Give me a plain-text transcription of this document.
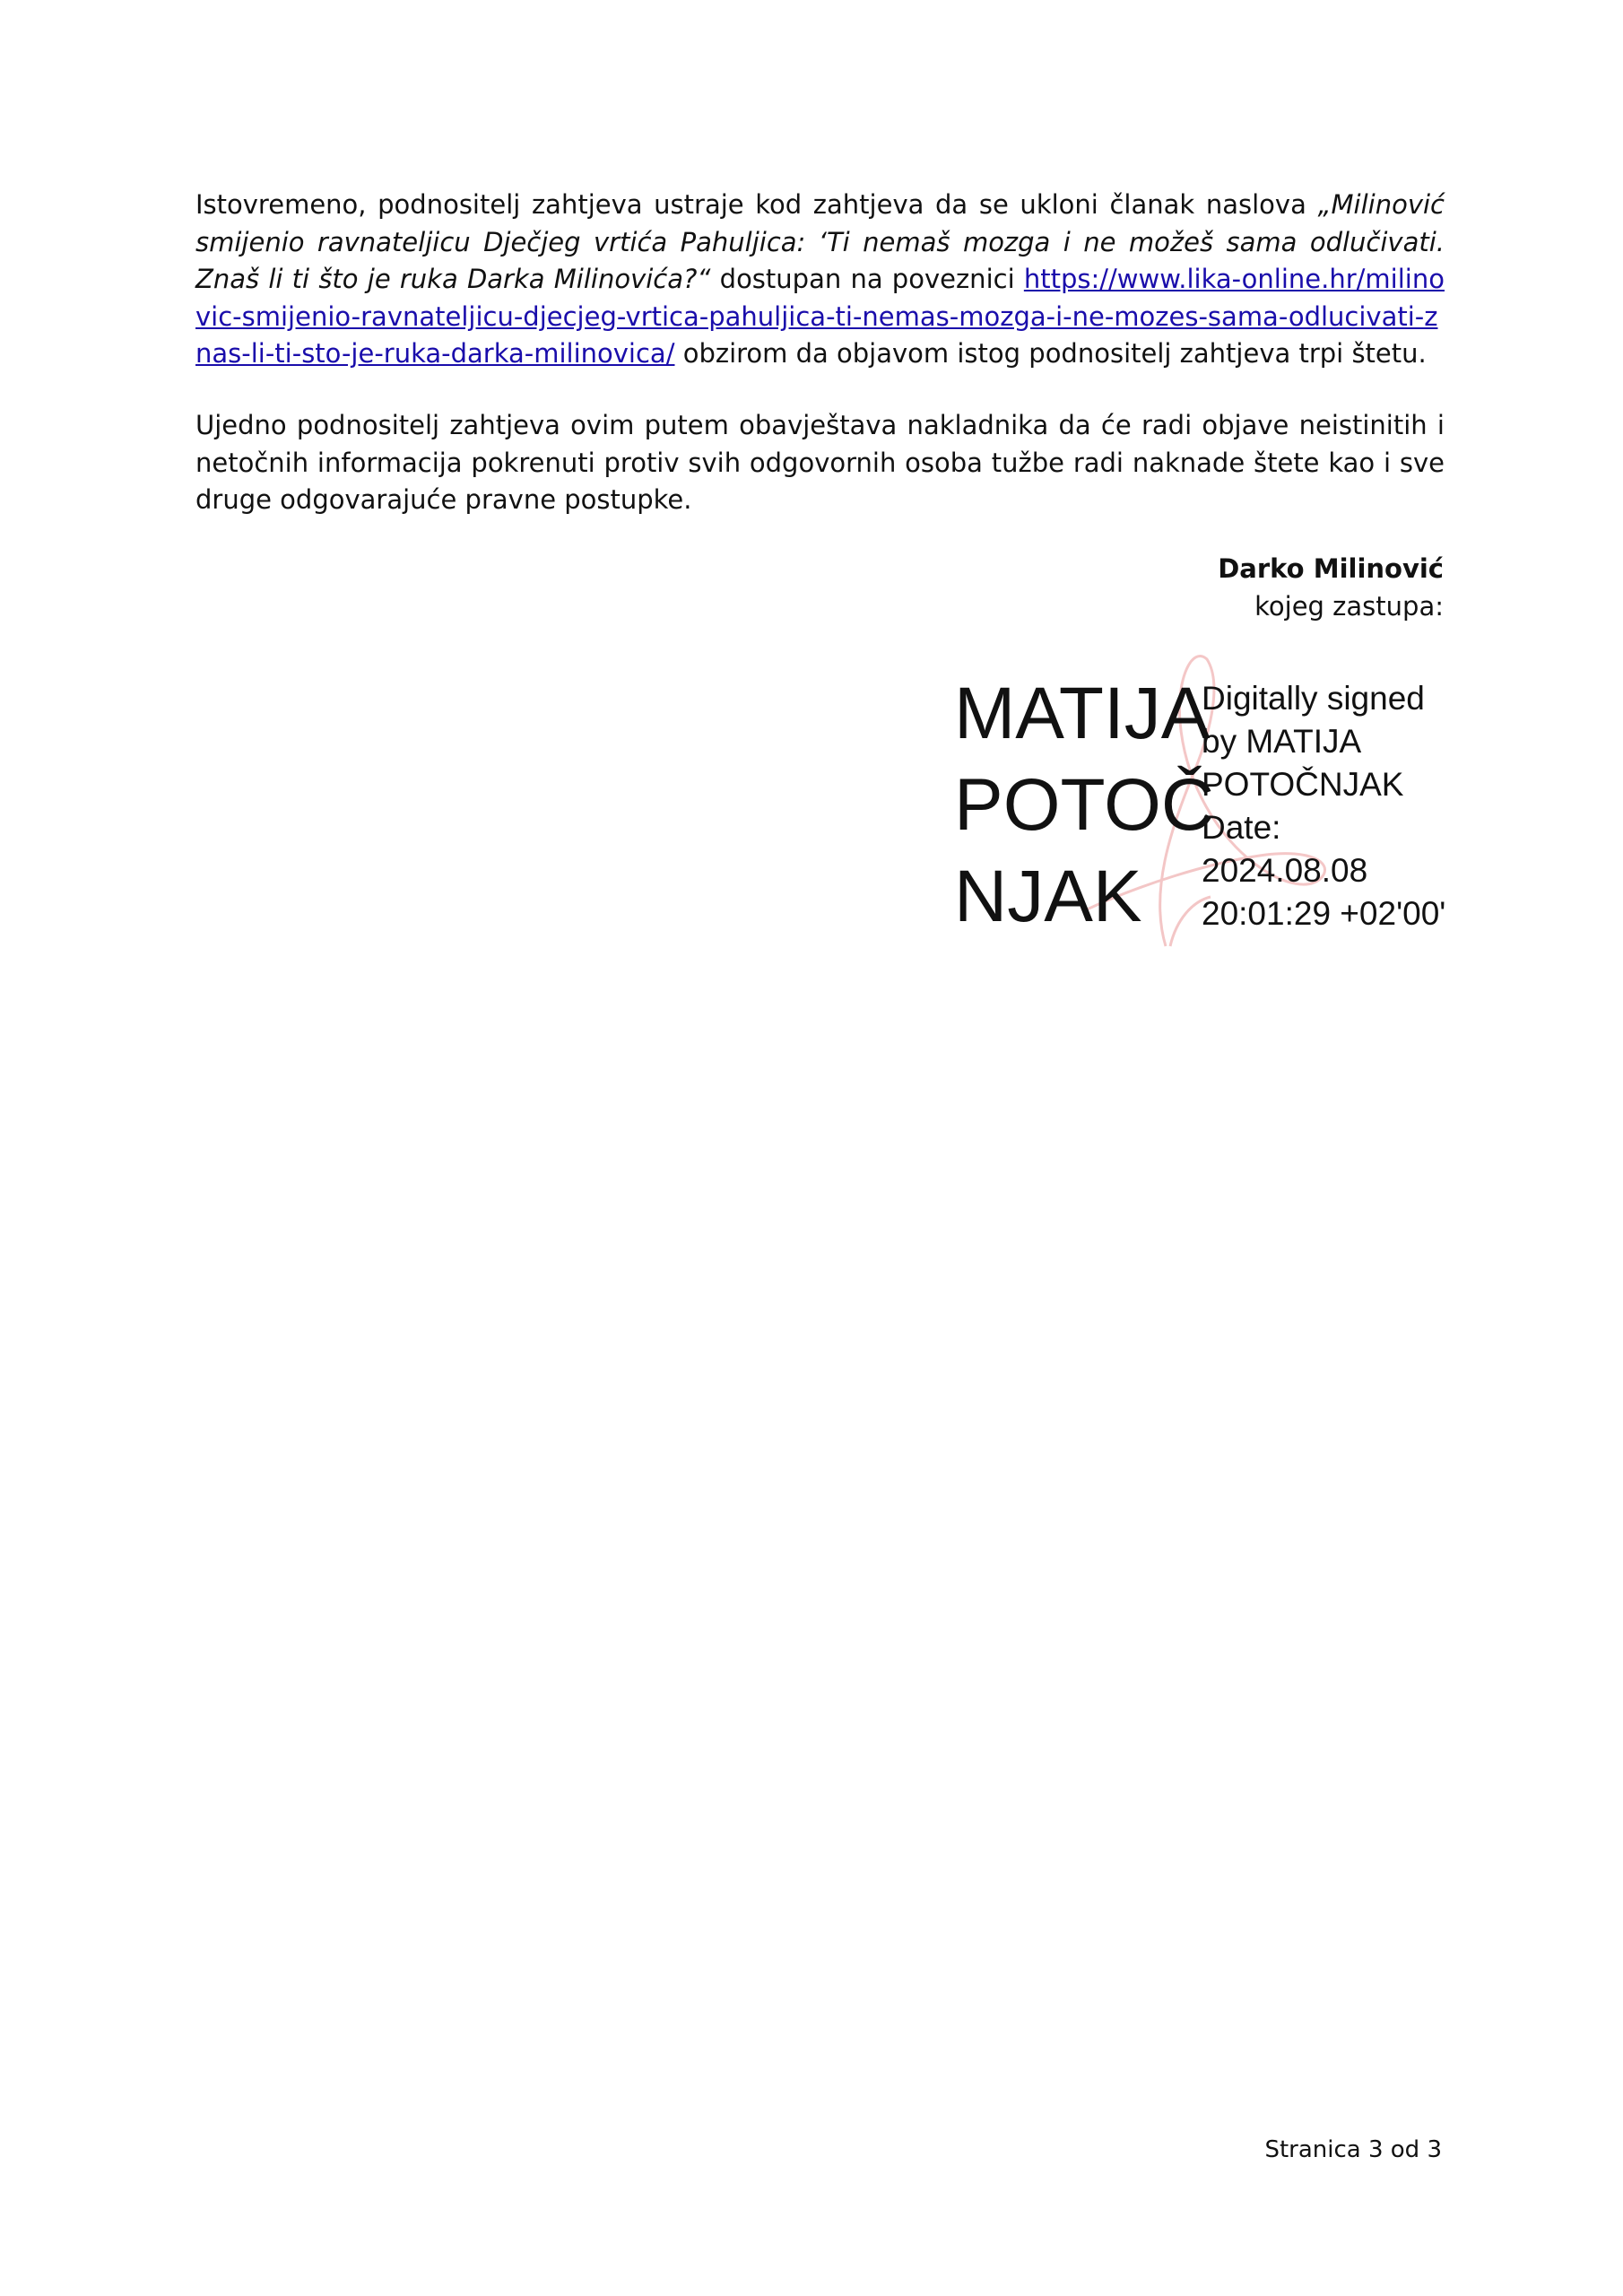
Istovremeno, podnositelj zahtjeva ustraje kod zahtjeva da se ukloni članak naslova „Milinović smijenio ravnateljicu Dječjeg vrtića Pahuljica: ‘Ti nemaš mozga i ne možeš sama odlučivati. Znaš li ti što je ruka Darka Milinovića?“ dostupan na poveznici https://www.lika-online.hr/milinovic-smijenio-ravnateljicu-djecjeg-vrtica-pahuljica-ti-nemas-mozga-i-ne-mozes-sama-odlucivati-znas-li-ti-sto-je-ruka-darka-milinovica/ obzirom da objavom istog podnositelj zahtjeva trpi štetu.

Ujedno podnositelj zahtjeva ovim putem obavještava nakladnika da će radi objave neistinitih i netočnih informacija pokrenuti protiv svih odgovornih osoba tužbe radi naknade štete kao i sve druge odgovarajuće pravne postupke.

Darko Milinović
kojeg zastupa:
MATIJA
POTOČ
NJAK
Digitally signed
by MATIJA
POTOČNJAK
Date:
2024.08.08
20:01:29 +02'00'
Stranica 3 od 3
